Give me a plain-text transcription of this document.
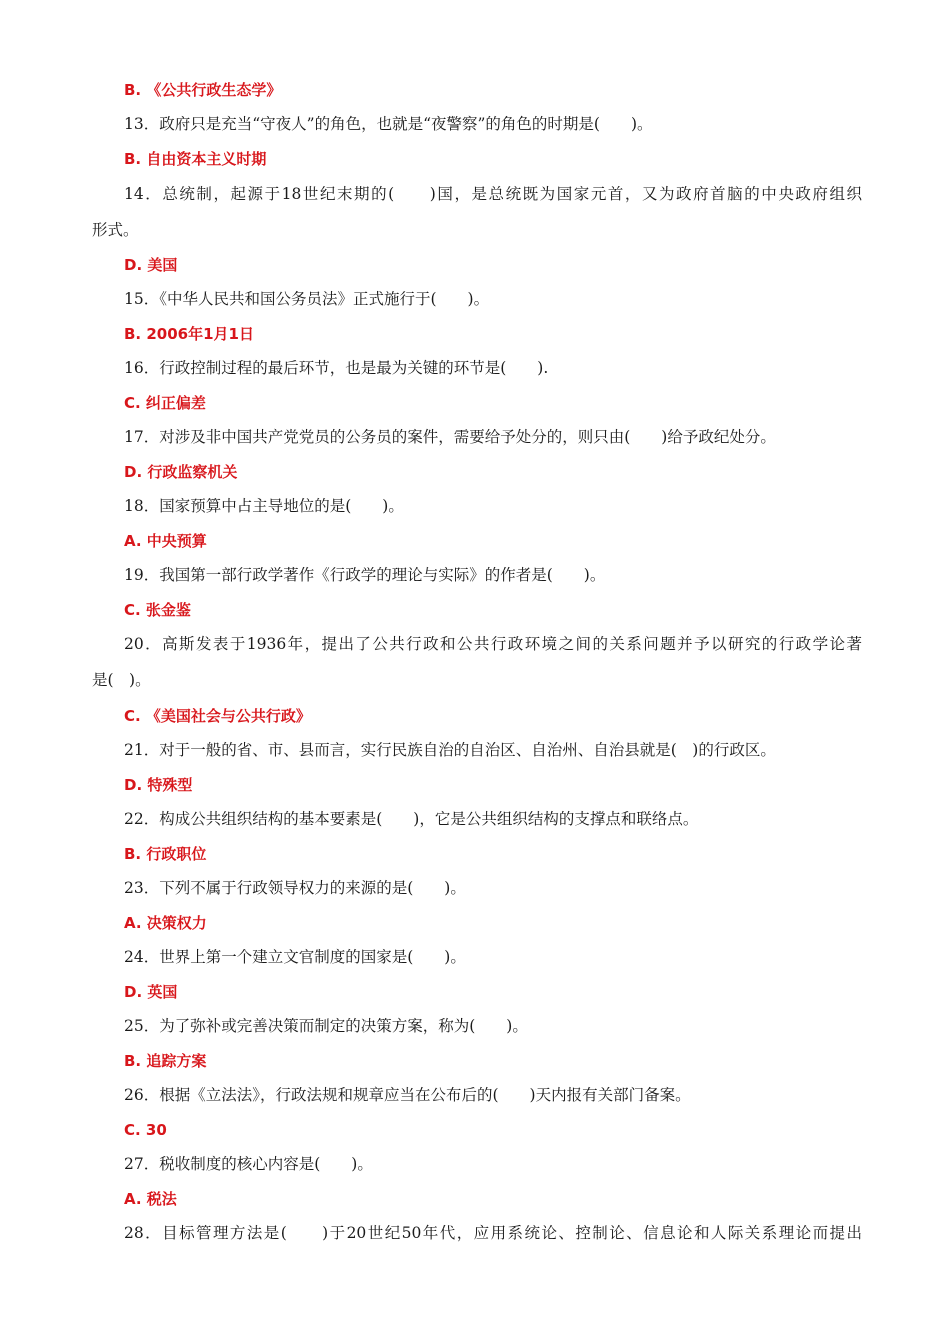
B. 《公共行政生态学》
13．政府只是充当“守夜人”的角色，也就是“夜警察”的角色的时期是(　　)。
B. 自由资本主义时期
14．总统制，起源于18世纪末期的(　　)国，是总统既为国家元首，又为政府首脑的中央政府组织
形式。
D. 美国
15．《中华人民共和国公务员法》正式施行于(　　)。
B. 2006年1月1日
16．行政控制过程的最后环节，也是最为关键的环节是(　　).
C. 纠正偏差
17．对涉及非中国共产党党员的公务员的案件，需要给予处分的，则只由(　　)给予政纪处分。
D. 行政监察机关
18．国家预算中占主导地位的是(　　)。
A. 中央预算
19．我国第一部行政学著作《行政学的理论与实际》的作者是(　　)。
C. 张金鉴
20．高斯发表于1936年，提出了公共行政和公共行政环境之间的关系问题并予以研究的行政学论著
是(　)。
C. 《美国社会与公共行政》
21．对于一般的省、市、县而言，实行民族自治的自治区、自治州、自治县就是(　)的行政区。
D. 特殊型
22．构成公共组织结构的基本要素是(　　)，它是公共组织结构的支撑点和联络点。
B. 行政职位
23．下列不属于行政领导权力的来源的是(　　)。
A. 决策权力
24．世界上第一个建立文官制度的国家是(　　)。
D. 英国
25．为了弥补或完善决策而制定的决策方案，称为(　　)。
B. 追踪方案
26．根据《立法法》，行政法规和规章应当在公布后的(　　)天内报有关部门备案。
C. 30
27．税收制度的核心内容是(　　)。
A. 税法
28．目标管理方法是(　　)于20世纪50年代，应用系统论、控制论、信息论和人际关系理论而提出
